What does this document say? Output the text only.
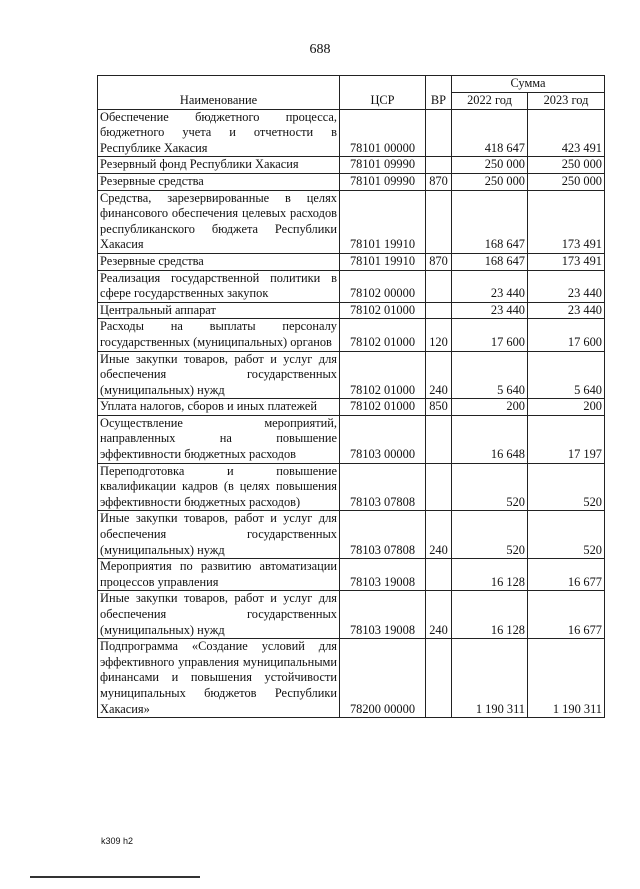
688
Наименование	ЦСР	ВР	Сумма	
			2022 год	2023 год
Обеспечение бюджетного процесса, бюджетного учета и отчетности в Республике Хакасия	78101 00000		418 647	423 491
Резервный фонд Республики Хакасия	78101 09990		250 000	250 000
Резервные средства	78101 09990	870	250 000	250 000
Средства, зарезервированные в целях финансового обеспечения целевых расходов республиканского бюджета Республики Хакасия	78101 19910		168 647	173 491
Резервные средства	78101 19910	870	168 647	173 491
Реализация государственной политики в сфере государственных закупок	78102 00000		23 440	23 440
Центральный аппарат	78102 01000		23 440	23 440
Расходы на выплаты персоналу государственных (муниципальных) органов	78102 01000	120	17 600	17 600
Иные закупки товаров, работ и услуг для обеспечения государственных (муниципальных) нужд	78102 01000	240	5 640	5 640
Уплата налогов, сборов и иных платежей	78102 01000	850	200	200
Осуществление мероприятий, направленных на повышение эффективности бюджетных расходов	78103 00000		16 648	17 197
Переподготовка и повышение квалификации кадров (в целях повышения эффективности бюджетных расходов)	78103 07808		520	520
Иные закупки товаров, работ и услуг для обеспечения государственных (муниципальных) нужд	78103 07808	240	520	520
Мероприятия по развитию автоматизации процессов управления	78103 19008		16 128	16 677
Иные закупки товаров, работ и услуг для обеспечения государственных (муниципальных) нужд	78103 19008	240	16 128	16 677
Подпрограмма «Создание условий для эффективного управления муниципальными финансами и повышения устойчивости муниципальных бюджетов Республики Хакасия»	78200 00000		1 190 311	1 190 311
k309 h2
